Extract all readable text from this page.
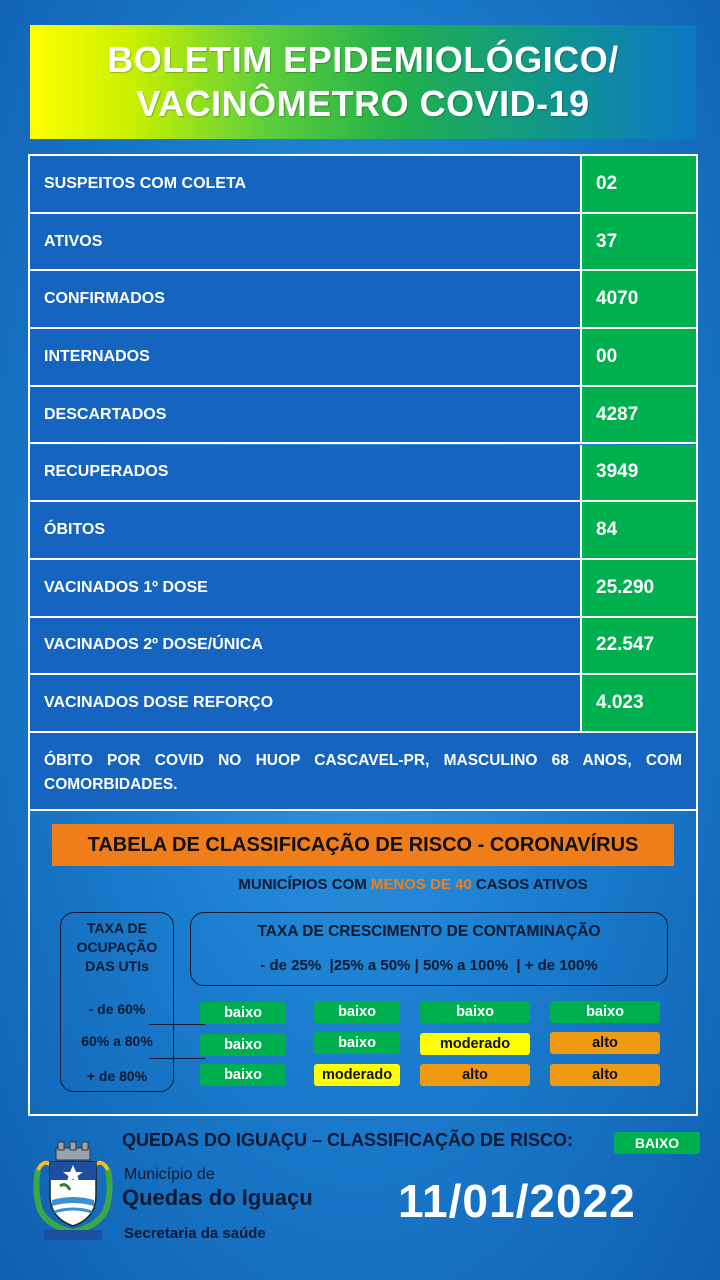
BOLETIM EPIDEMIOLÓGICO/
VACINÔMETRO COVID-19
SUSPEITOS COM COLETA	02
ATIVOS	37
CONFIRMADOS	4070
INTERNADOS	00
DESCARTADOS	4287
RECUPERADOS	3949
ÓBITOS	84
VACINADOS 1º DOSE	25.290
VACINADOS 2º DOSE/ÚNICA	22.547
VACINADOS DOSE REFORÇO	4.023
ÓBITO POR COVID NO HUOP CASCAVEL-PR, MASCULINO 68 ANOS, COM COMORBIDADES.
TABELA DE CLASSIFICAÇÃO DE RISCO - CORONAVÍRUS
MUNICÍPIOS COM MENOS DE 40 CASOS ATIVOS
TAXA DE
OCUPAÇÃO
DAS UTIs
- de 60%
60% a 80%
+ de 80%
TAXA DE CRESCIMENTO DE CONTAMINAÇÃO
- de 25%  |25% a 50% | 50% a 100%  | + de 100%
baixo	baixo	baixo	baixo
baixo	baixo	moderado	alto
baixo	moderado	alto	alto
QUEDAS DO IGUAÇU – CLASSIFICAÇÃO DE RISCO:	BAIXO
Município de
Quedas do Iguaçu
Secretaria da saúde
11/01/2022
